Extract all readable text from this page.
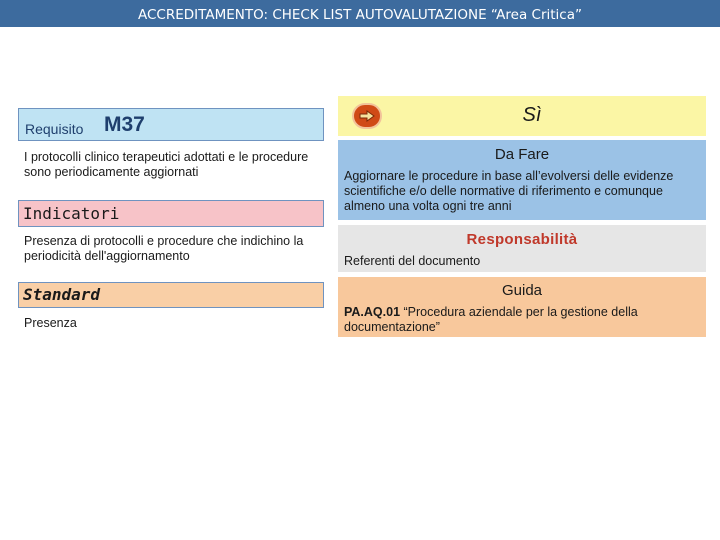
ACCREDITAMENTO: CHECK LIST AUTOVALUTAZIONE “Area Critica”
Requisito M37
I protocolli clinico terapeutici adottati e le procedure sono periodicamente aggiornati
Indicatori
Presenza di protocolli e procedure che indichino la periodicità dell'aggiornamento
Standard
Presenza
Sì
Da Fare
Aggiornare le procedure in base all’evolversi delle evidenze scientifiche e/o delle normative di riferimento e comunque almeno una volta ogni tre anni
Responsabilità
Referenti del documento
Guida
PA.AQ.01 “Procedura aziendale per la gestione della documentazione”
